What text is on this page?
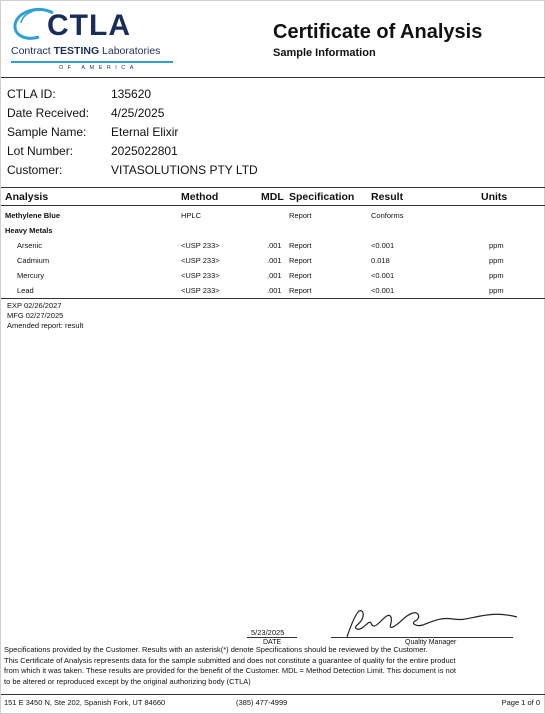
CTLA
Contract TESTING Laboratories
OF AMERICA
Certificate of Analysis
Sample Information
CTLA ID:	135620
Date Received:	4/25/2025
Sample Name:	Eternal Elixir
Lot Number:	2025022801
Customer:	VITASOLUTIONS PTY LTD
Analysis	Method	MDL Specification Result	Units
Methylene Blue	HPLC	Report	Conforms
Heavy Metals
Arsenic	<USP 233>	.001 Report	<0.001	ppm
Cadmium	<USP 233>	.001 Report	0.018	ppm
Mercury	<USP 233>	.001 Report	<0.001	ppm
Lead	<USP 233>	.001 Report	<0.001	ppm
EXP 02/26/2027
MFG 02/27/2025
Amended report: result
5/23/2025
DATE	Quality Manager
Specifications provided by the Customer. Results with an asterisk(*) denote Specifications should be reviewed by the Customer.
This Certificate of Analysis represents data for the sample submitted and does not constitute a guarantee of quality for the entire product
from which it was taken. These results are provided for the benefit of the Customer. MDL = Method Detection Limit. This document is not
to be altered or reproduced except by the original authorizing body (CTLA)
151 E 3450 N, Ste 202, Spanish Fork, UT 84660	(385) 477-4999	Page 1 of 0
